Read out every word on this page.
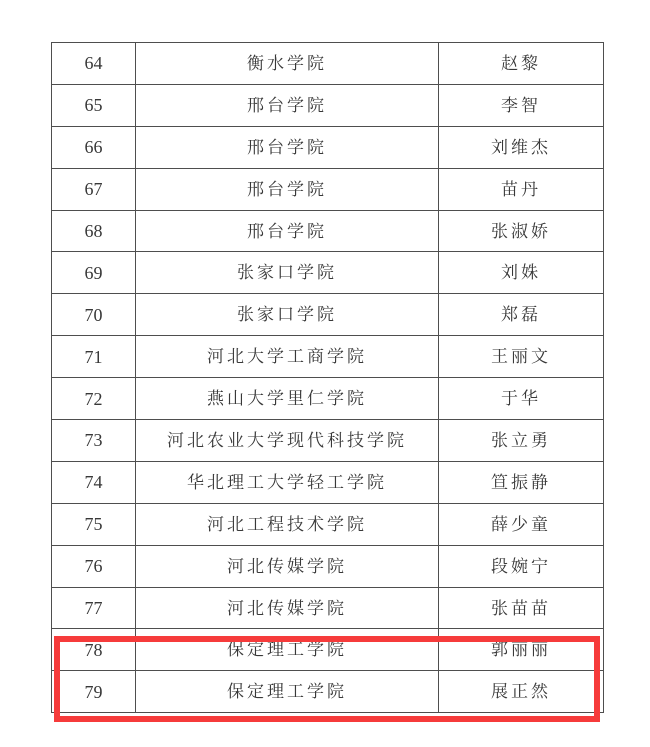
64	衡水学院	赵黎
65	邢台学院	李智
66	邢台学院	刘维杰
67	邢台学院	苗丹
68	邢台学院	张淑娇
69	张家口学院	刘姝
70	张家口学院	郑磊
71	河北大学工商学院	王丽文
72	燕山大学里仁学院	于华
73	河北农业大学现代科技学院	张立勇
74	华北理工大学轻工学院	笪振静
75	河北工程技术学院	薛少童
76	河北传媒学院	段婉宁
77	河北传媒学院	张苗苗
78	保定理工学院	郭丽丽
79	保定理工学院	展正然
